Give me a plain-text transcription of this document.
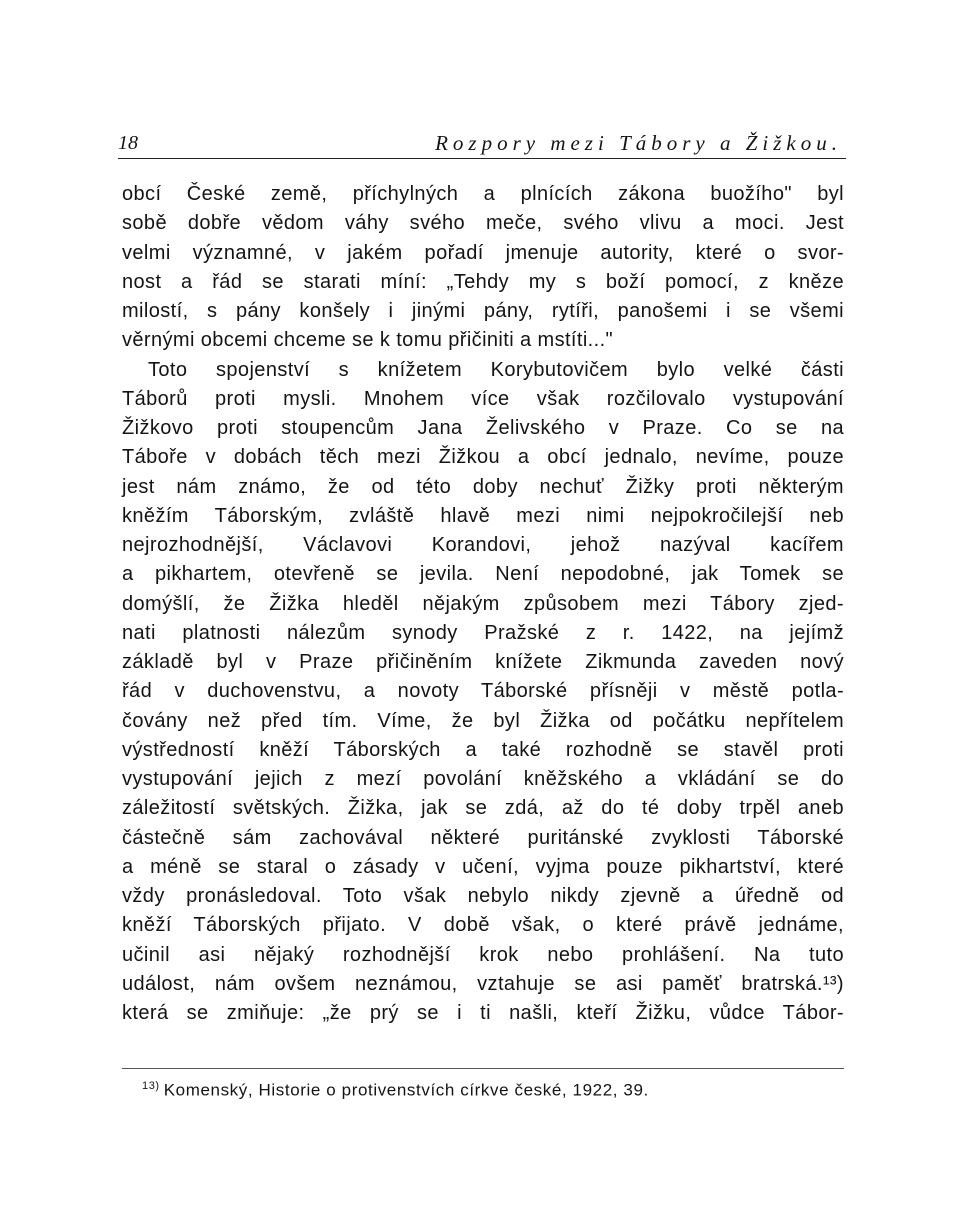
18	Rozpory mezi Tábory a Žižkou.
obcí České země, příchylných a plnících zákona buožího" byl
sobě dobře vědom váhy svého meče, svého vlivu a moci. Jest
velmi významné, v jakém pořadí jmenuje autority, které o svor-
nost a řád se starati míní: „Tehdy my s boží pomocí, z kněze
milostí, s pány konšely i jinými pány, rytíři, panošemi i se všemi
věrnými obcemi chceme se k tomu přičiniti a mstíti..."
Toto spojenství s knížetem Korybutovičem bylo velké části
Táborů proti mysli. Mnohem více však rozčilovalo vystupování
Žižkovo proti stoupencům Jana Želivského v Praze. Co se na
Táboře v dobách těch mezi Žižkou a obcí jednalo, nevíme, pouze
jest nám známo, že od této doby nechuť Žižky proti některým
kněžím Táborským, zvláště hlavě mezi nimi nejpokročilejší neb
nejrozhodnější, Václavovi Korandovi, jehož nazýval kacířem
a pikhartem, otevřeně se jevila. Není nepodobné, jak Tomek se
domýšlí, že Žižka hleděl nějakým způsobem mezi Tábory zjed-
nati platnosti nálezům synody Pražské z r. 1422, na jejímž
základě byl v Praze přičiněním knížete Zikmunda zaveden nový
řád v duchovenstvu, a novoty Táborské přísněji v městě potla-
čovány než před tím. Víme, že byl Žižka od počátku nepřítelem
výstředností kněží Táborských a také rozhodně se stavěl proti
vystupování jejich z mezí povolání kněžského a vkládání se do
záležitostí světských. Žižka, jak se zdá, až do té doby trpěl aneb
částečně sám zachovával některé puritánské zvyklosti Táborské
a méně se staral o zásady v učení, vyjma pouze pikhartství, které
vždy pronásledoval. Toto však nebylo nikdy zjevně a úředně od
kněží Táborských přijato. V době však, o které právě jednáme,
učinil asi nějaký rozhodnější krok nebo prohlášení. Na tuto
událost, nám ovšem neznámou, vztahuje se asi paměť bratrská.¹³)
která se zmiňuje: „že prý se i ti našli, kteří Žižku, vůdce Tábor-
$^{13)}$ Komenský, Historie o protivenstvích církve české, 1922, 39.
